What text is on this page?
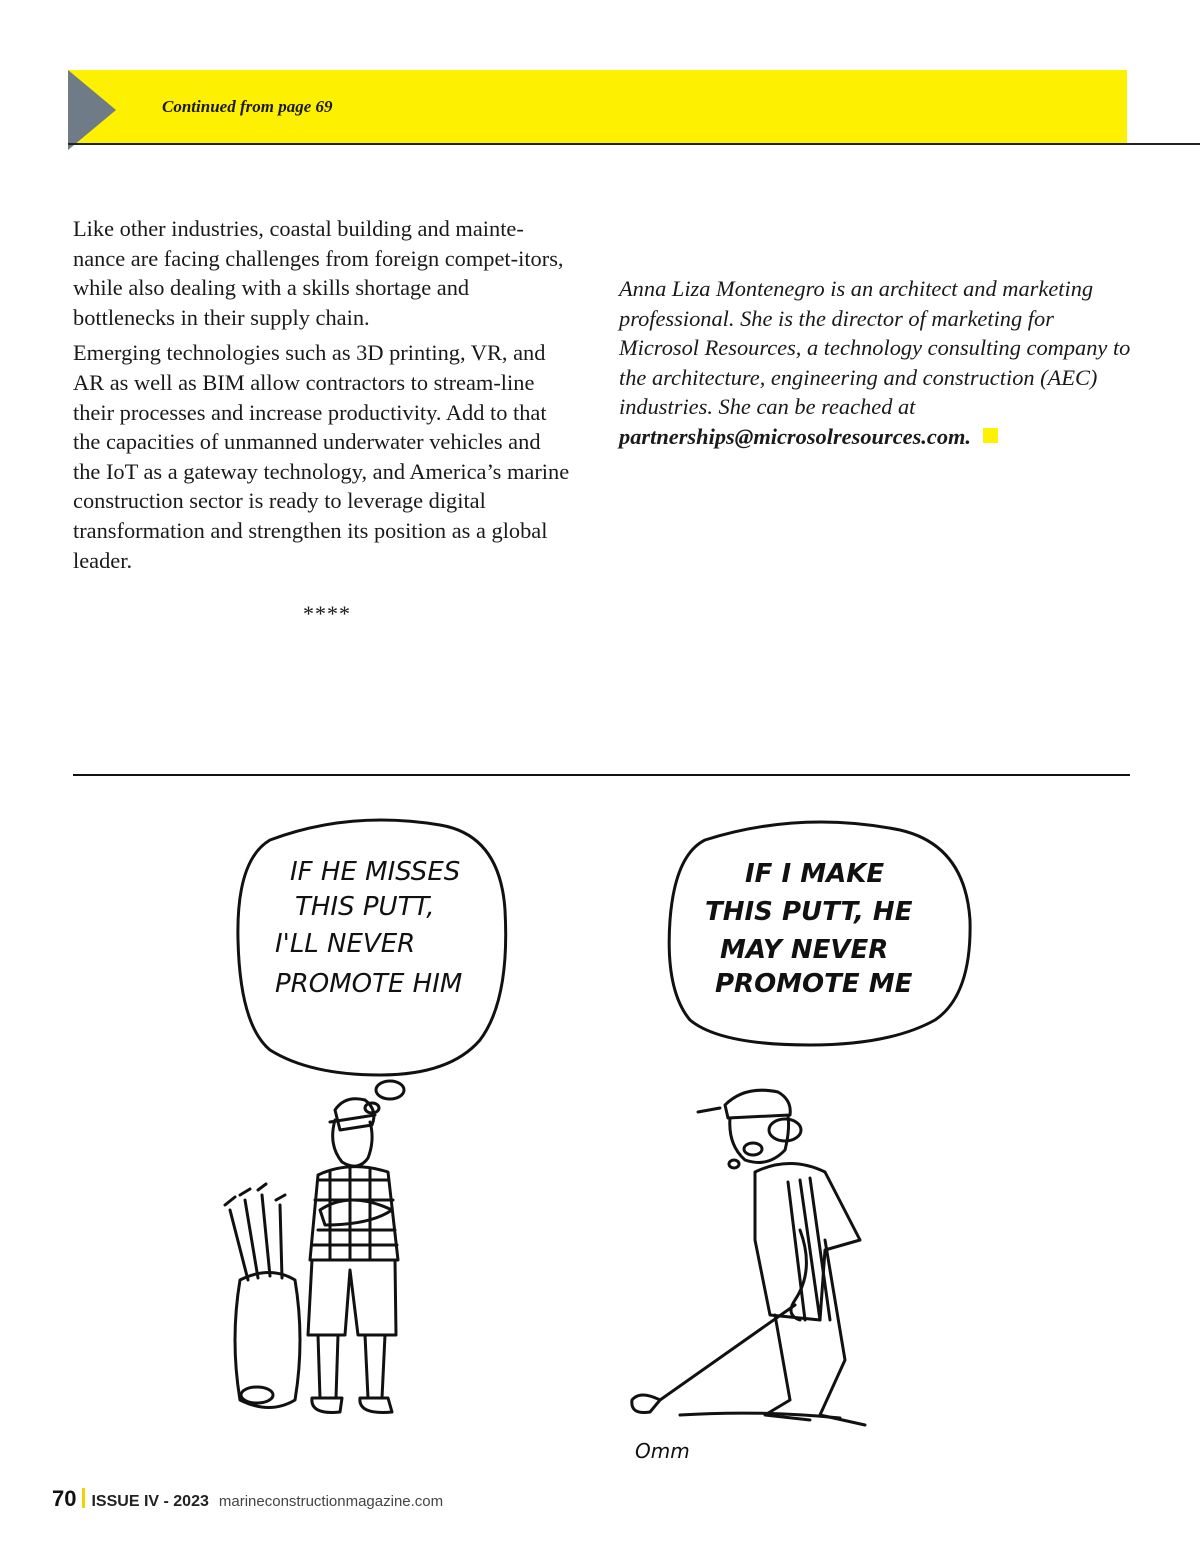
Continued from page 69

Like other industries, coastal building and mainte-nance are facing challenges from foreign compet-itors, while also dealing with a skills shortage and bottlenecks in their supply chain.

Emerging technologies such as 3D printing, VR, and AR as well as BIM allow contractors to stream-line their processes and increase productivity. Add to that the capacities of unmanned underwater vehicles and the IoT as a gateway technology, and America’s marine construction sector is ready to leverage digital transformation and strengthen its position as a global leader.

****
Anna Liza Montenegro is an architect and marketing professional. She is the director of marketing for Microsol Resources, a technology consulting company to the architecture, engineering and construction (AEC) industries. She can be reached at
partnerships@microsolresources.com.
IF HE MISSES
THIS PUTT,
I'LL NEVER
PROMOTE HIM
IF I MAKE
THIS PUTT, HE
MAY NEVER
PROMOTE ME
Omm
70 ISSUE IV - 2023 marineconstructionmagazine.com
